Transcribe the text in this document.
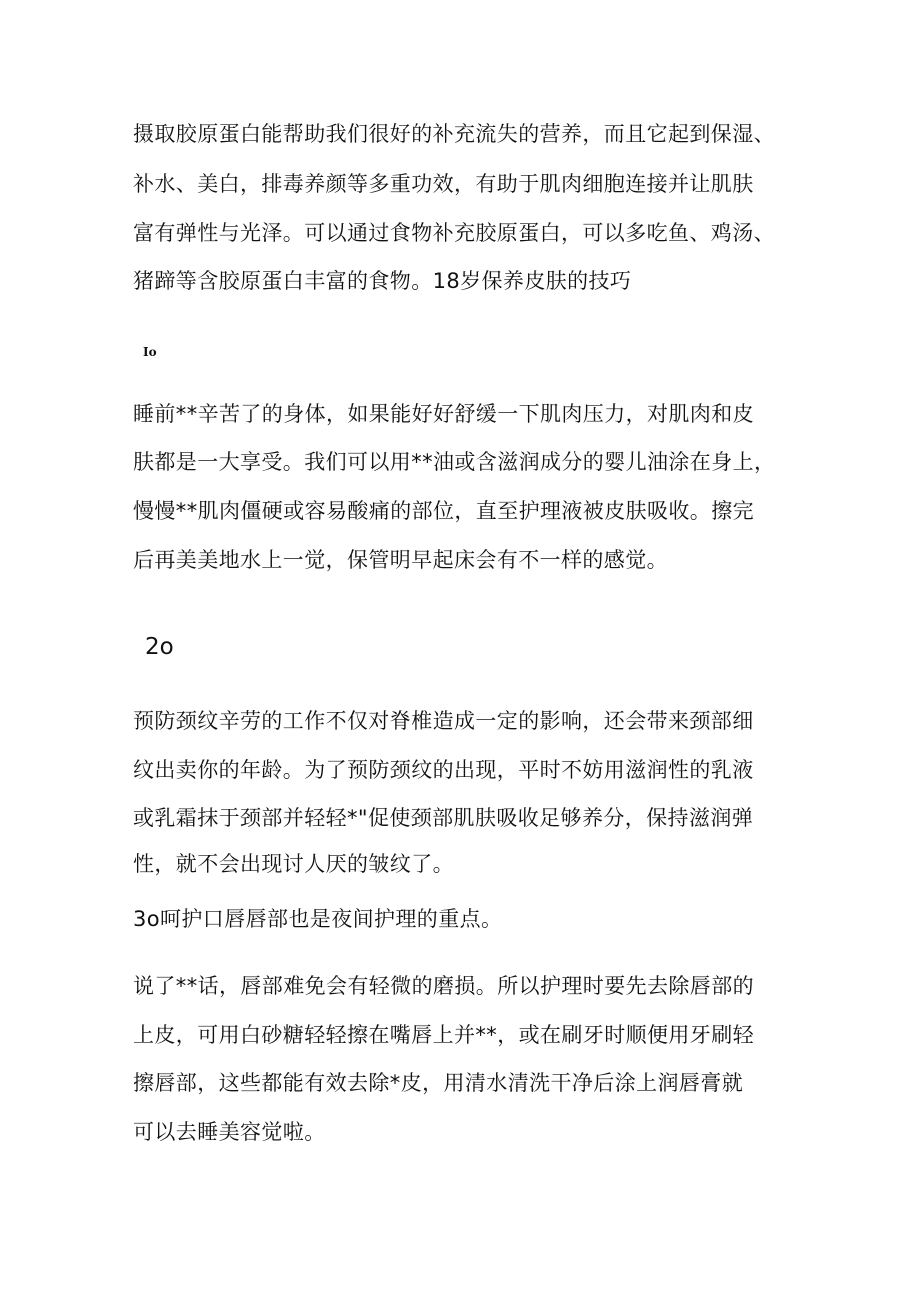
摄取胶原蛋白能帮助我们很好的补充流失的营养，而且它起到保湿、
补水、美白，排毒养颜等多重功效，有助于肌肉细胞连接并让肌肤
富有弹性与光泽。可以通过食物补充胶原蛋白，可以多吃鱼、鸡汤、
猪蹄等含胶原蛋白丰富的食物。18岁保养皮肤的技巧
Io
睡前**辛苦了的身体，如果能好好舒缓一下肌肉压力，对肌肉和皮
肤都是一大享受。我们可以用**油或含滋润成分的婴儿油涂在身上，
慢慢**肌肉僵硬或容易酸痛的部位，直至护理液被皮肤吸收。擦完
后再美美地水上一觉，保管明早起床会有不一样的感觉。
2o
预防颈纹辛劳的工作不仅对脊椎造成一定的影响，还会带来颈部细
纹出卖你的年龄。为了预防颈纹的出现，平时不妨用滋润性的乳液
或乳霜抹于颈部并轻轻*"促使颈部肌肤吸收足够养分，保持滋润弹
性，就不会出现讨人厌的皱纹了。
3o呵护口唇唇部也是夜间护理的重点。
说了**话，唇部难免会有轻微的磨损。所以护理时要先去除唇部的
上皮，可用白砂糖轻轻擦在嘴唇上并**，或在刷牙时顺便用牙刷轻
擦唇部，这些都能有效去除*皮，用清水清洗干净后涂上润唇膏就
可以去睡美容觉啦。
